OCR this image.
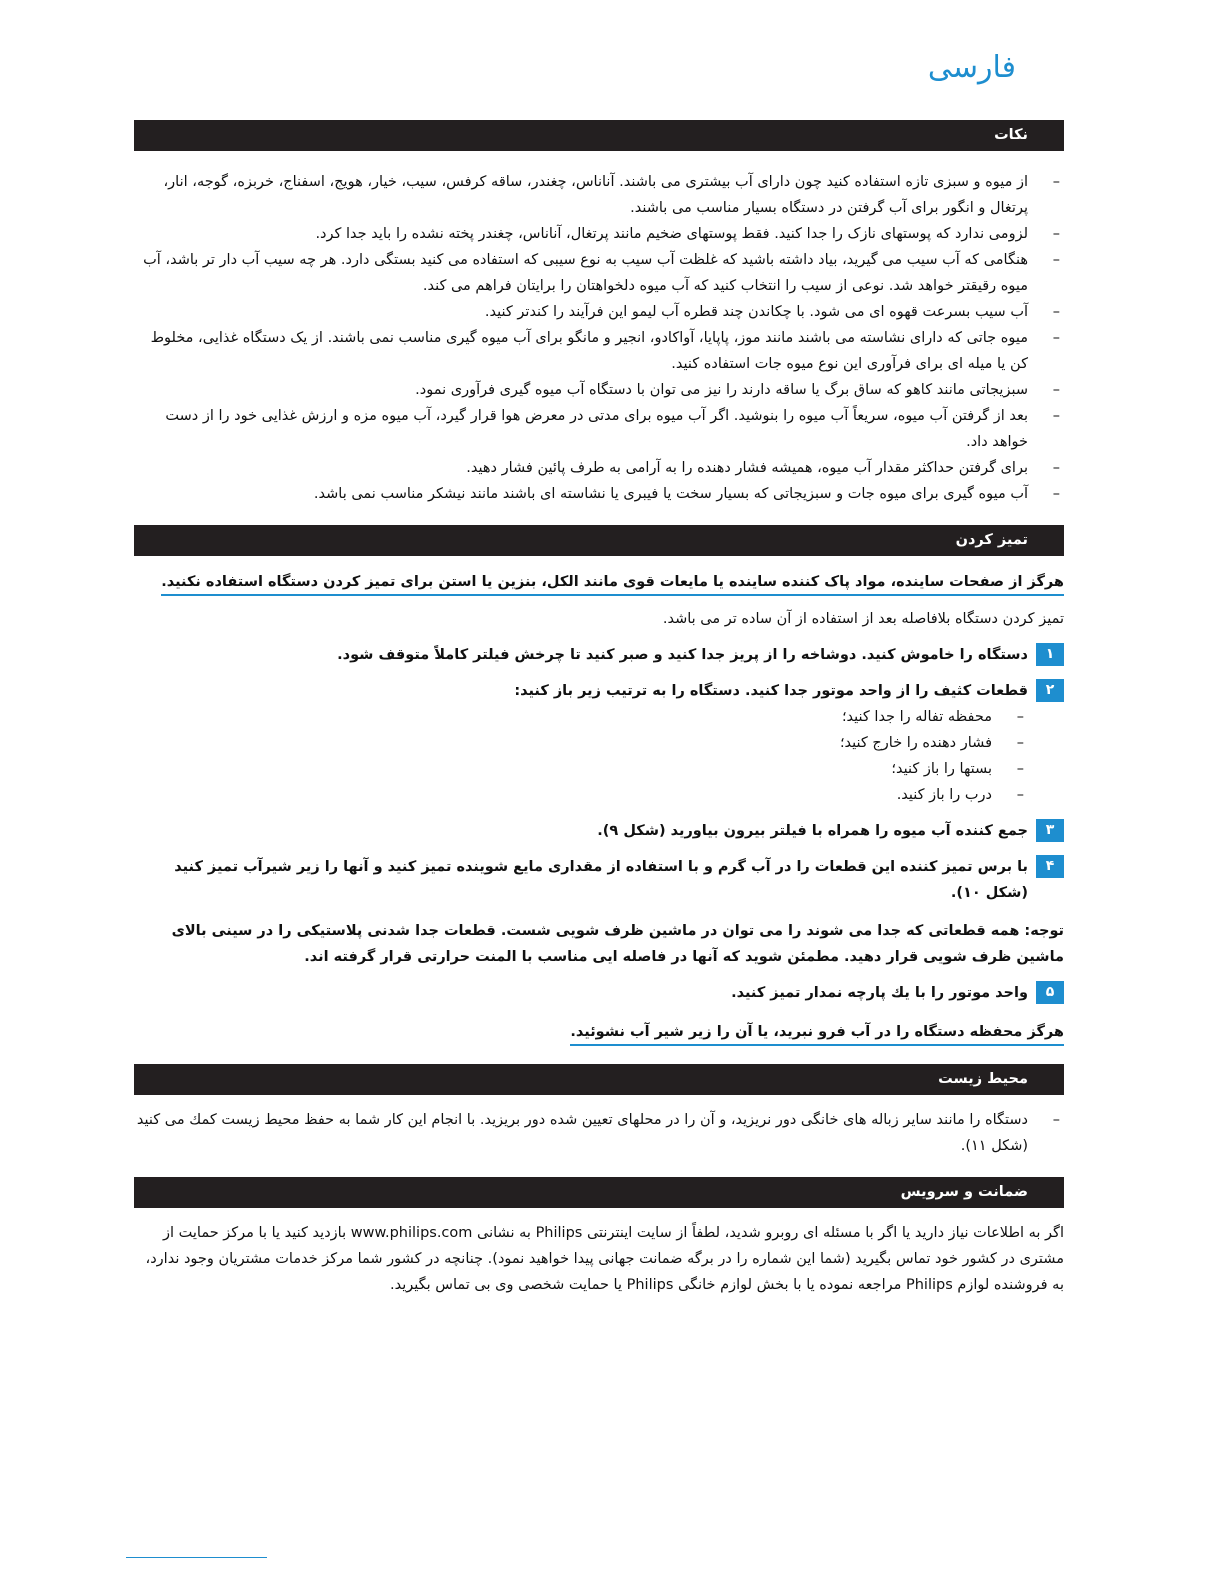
فارسی
نکات
–
از میوه و سبزی تازه استفاده کنید چون دارای آب بیشتری می باشند. آناناس، چغندر، ساقه کرفس، سیب، خیار، هویج، اسفناج، خربزه، گوجه، انار، پرتغال و انگور برای آب گرفتن در دستگاه بسیار مناسب می باشند.
–
لزومی ندارد که پوستهای نازک را جدا کنید. فقط پوستهای ضخیم مانند پرتغال، آناناس، چغندر پخته نشده را باید جدا کرد.
–
هنگامی که آب سیب می گیرید، بیاد داشته باشید که غلظت آب سیب به نوع سیبی که استفاده می کنید بستگی دارد. هر چه سیب آب دار تر باشد، آب میوه رقیقتر خواهد شد. نوعی از سیب را انتخاب کنید که آب میوه دلخواهتان را برایتان فراهم می کند.
–
آب سیب بسرعت قهوه ای می شود. با چکاندن چند قطره آب لیمو این فرآیند را کندتر کنید.
–
میوه جاتی که دارای نشاسته می باشند مانند موز، پاپایا، آواکادو، انجیر و مانگو برای آب میوه گیری مناسب نمی باشند. از یک دستگاه غذایی، مخلوط کن یا میله ای برای فرآوری این نوع میوه جات استفاده کنید.
–
سبزیجاتی مانند کاهو که ساق برگ یا ساقه دارند را نیز می توان با دستگاه آب میوه گیری فرآوری نمود.
–
بعد از گرفتن آب میوه، سریعاً آب میوه را بنوشید. اگر آب میوه برای مدتی در معرض هوا قرار گیرد، آب میوه مزه و ارزش غذایی خود را از دست خواهد داد.
–
برای گرفتن حداکثر مقدار آب میوه، همیشه فشار دهنده را به آرامی به طرف پائین فشار دهید.
–
آب میوه گیری برای میوه جات و سبزیجاتی که بسیار سخت یا فیبری یا نشاسته ای باشند مانند نیشکر مناسب نمی باشد.
تمیز کردن
هرگز از صفحات ساینده، مواد پاک کننده ساینده یا مایعات قوی مانند الکل، بنزین یا استن برای تمیز کردن دستگاه استفاده نکنید.
تمیز کردن دستگاه بلافاصله بعد از استفاده از آن ساده تر می باشد.
۱
دستگاه را خاموش کنید. دوشاخه را از پریز جدا کنید و صبر کنید تا چرخش فیلتر کاملاً متوقف شود.
۲
قطعات کثیف را از واحد موتور جدا کنید. دستگاه را به ترتیب زیر باز کنید:
–
محفظه تفاله را جدا کنید؛
–
فشار دهنده را خارج کنید؛
–
بستها را باز کنید؛
–
درب را باز کنید.
۳
جمع کننده آب میوه را همراه با فیلتر بیرون بیاورید (شکل ۹).
۴
با برس تمیز کننده این قطعات را در آب گرم و با استفاده از مقداری مایع شوینده تمیز کنید و آنها را زیر شیرآب تمیز کنید (شکل ۱۰).
توجه: همه قطعاتی که جدا می شوند را می توان در ماشین ظرف شویی شست. قطعات جدا شدنی پلاستیکی را در سینی بالای ماشین ظرف شویی قرار دهید. مطمئن شوید که آنها در فاصله ایی مناسب با المنت حرارتی قرار گرفته اند.
۵
واحد موتور را با یك پارچه نمدار تمیز كنید.
هرگز محفظه دستگاه را در آب فرو نبرید، یا آن را زیر شیر آب نشوئید.
محیط زیست
–
دستگاه را مانند سایر زباله های خانگی دور نریزید، و آن را در محلهای تعیین شده دور بریزید. با انجام این کار شما به حفظ محیط زیست کمك می کنید (شکل ۱۱).
ضمانت و سرویس
اگر به اطلاعات نیاز دارید یا اگر با مسئله ای روبرو شدید، لطفاً از سایت اینترنتی Philips به نشانی www.philips.com بازدید کنید یا با مرکز حمایت از مشتری در کشور خود تماس بگیرید (شما این شماره را در برگه ضمانت جهانی پیدا خواهید نمود). چنانچه در کشور شما مرکز خدمات مشتریان وجود ندارد، به فروشنده لوازم Philips مراجعه نموده یا با بخش لوازم خانگی Philips یا حمایت شخصی وی بی تماس بگیرید.
